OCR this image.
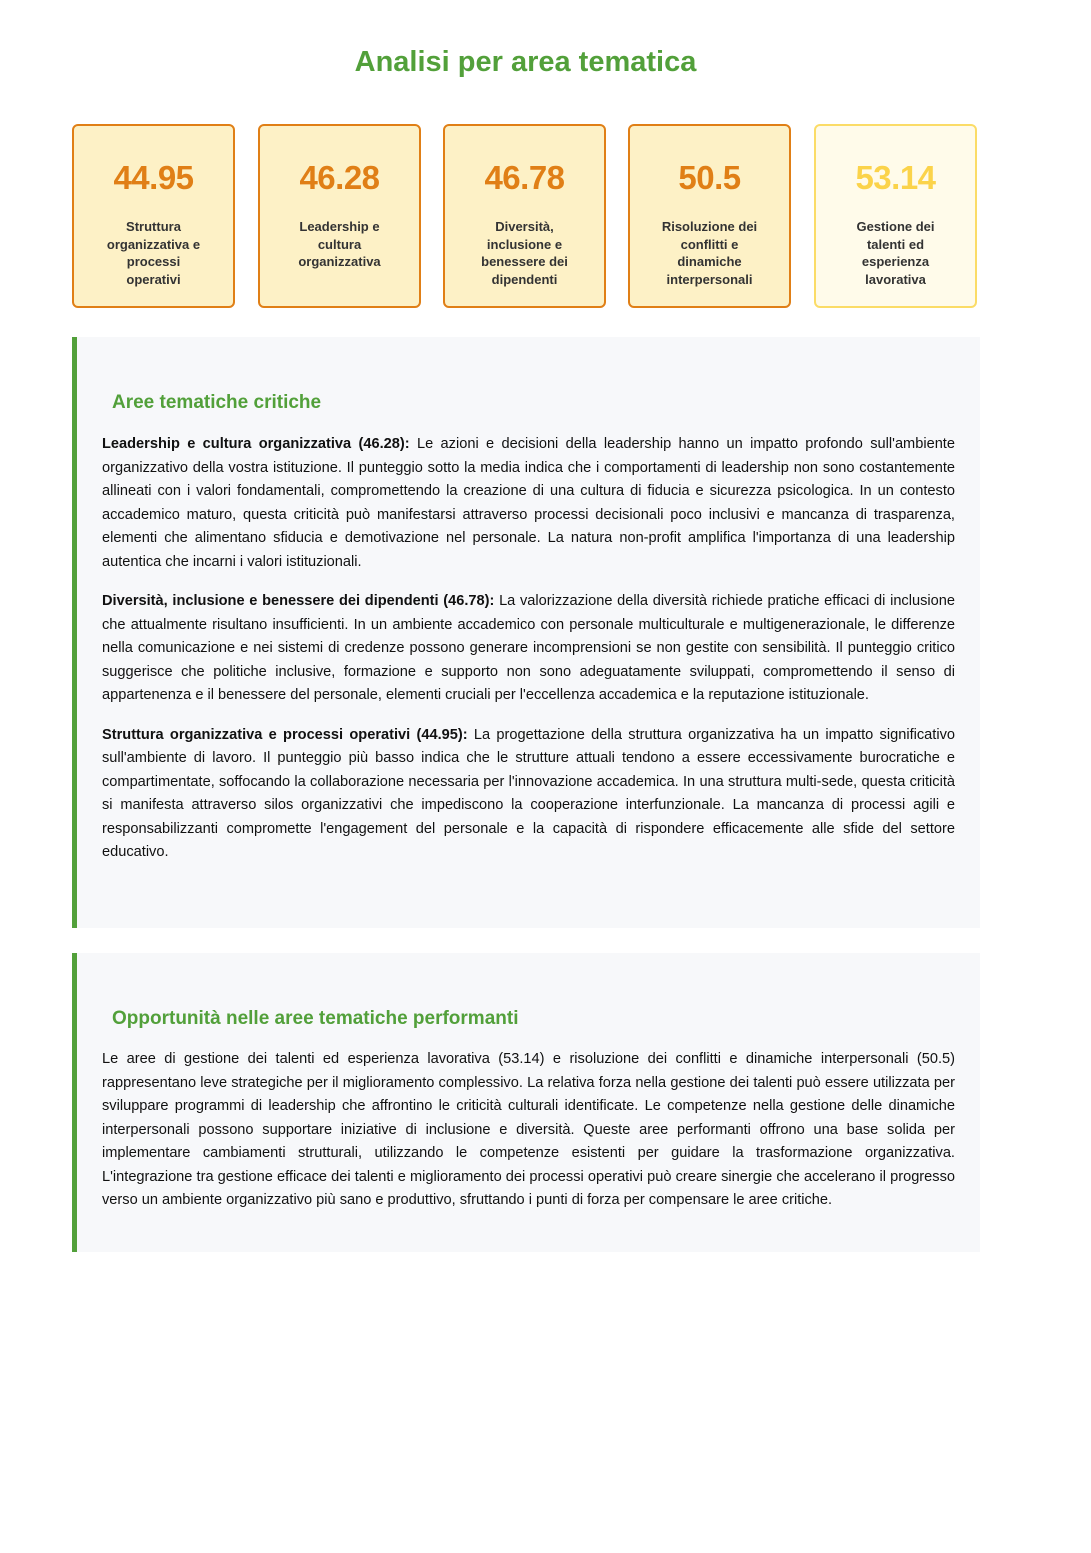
Analisi per area tematica
44.95
Struttura organizzativa e processi operativi
46.28
Leadership e cultura organizzativa
46.78
Diversità, inclusione e benessere dei dipendenti
50.5
Risoluzione dei conflitti e dinamiche interpersonali
53.14
Gestione dei talenti ed esperienza lavorativa
Aree tematiche critiche

Leadership e cultura organizzativa (46.28): Le azioni e decisioni della leadership hanno un impatto profondo sull'ambiente organizzativo della vostra istituzione. Il punteggio sotto la media indica che i comportamenti di leadership non sono costantemente allineati con i valori fondamentali, compromettendo la creazione di una cultura di fiducia e sicurezza psicologica. In un contesto accademico maturo, questa criticità può manifestarsi attraverso processi decisionali poco inclusivi e mancanza di trasparenza, elementi che alimentano sfiducia e demotivazione nel personale. La natura non-profit amplifica l'importanza di una leadership autentica che incarni i valori istituzionali.

Diversità, inclusione e benessere dei dipendenti (46.78): La valorizzazione della diversità richiede pratiche efficaci di inclusione che attualmente risultano insufficienti. In un ambiente accademico con personale multiculturale e multigenerazionale, le differenze nella comunicazione e nei sistemi di credenze possono generare incomprensioni se non gestite con sensibilità. Il punteggio critico suggerisce che politiche inclusive, formazione e supporto non sono adeguatamente sviluppati, compromettendo il senso di appartenenza e il benessere del personale, elementi cruciali per l'eccellenza accademica e la reputazione istituzionale.

Struttura organizzativa e processi operativi (44.95): La progettazione della struttura organizzativa ha un impatto significativo sull'ambiente di lavoro. Il punteggio più basso indica che le strutture attuali tendono a essere eccessivamente burocratiche e compartimentate, soffocando la collaborazione necessaria per l'innovazione accademica. In una struttura multi-sede, questa criticità si manifesta attraverso silos organizzativi che impediscono la cooperazione interfunzionale. La mancanza di processi agili e responsabilizzanti compromette l'engagement del personale e la capacità di rispondere efficacemente alle sfide del settore educativo.

Opportunità nelle aree tematiche performanti

Le aree di gestione dei talenti ed esperienza lavorativa (53.14) e risoluzione dei conflitti e dinamiche interpersonali (50.5) rappresentano leve strategiche per il miglioramento complessivo. La relativa forza nella gestione dei talenti può essere utilizzata per sviluppare programmi di leadership che affrontino le criticità culturali identificate. Le competenze nella gestione delle dinamiche interpersonali possono supportare iniziative di inclusione e diversità. Queste aree performanti offrono una base solida per implementare cambiamenti strutturali, utilizzando le competenze esistenti per guidare la trasformazione organizzativa. L'integrazione tra gestione efficace dei talenti e miglioramento dei processi operativi può creare sinergie che accelerano il progresso verso un ambiente organizzativo più sano e produttivo, sfruttando i punti di forza per compensare le aree critiche.
